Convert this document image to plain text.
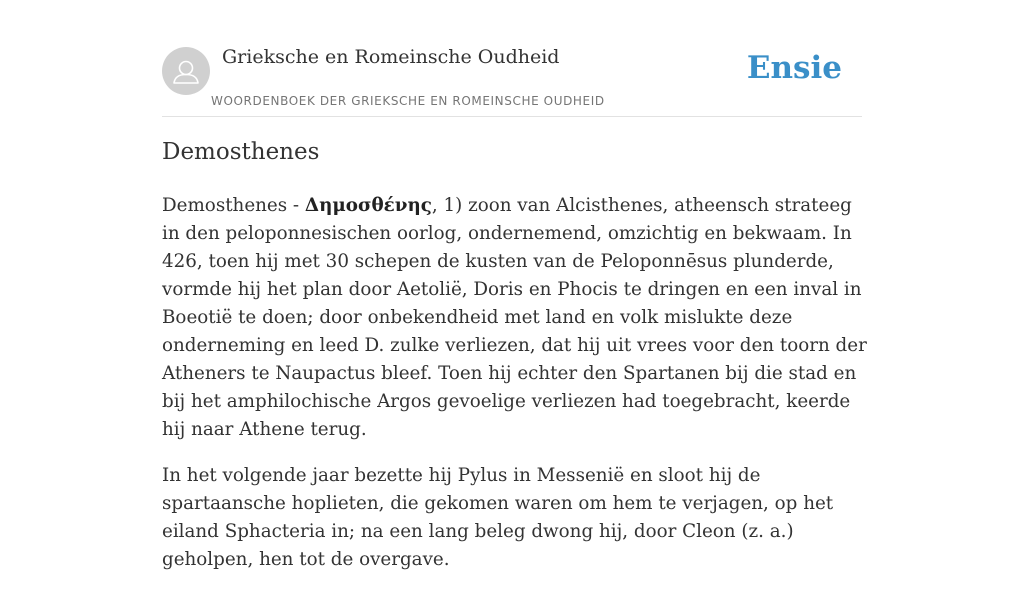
Grieksche en Romeinsche Oudheid
WOORDENBOEK DER GRIEKSCHE EN ROMEINSCHE OUDHEID
Ensie
Demosthenes

Demosthenes - Δημοσθένης, 1) zoon van Alcisthenes, atheensch strateeg in den peloponnesischen oorlog, ondernemend, omzichtig en bekwaam. In 426, toen hij met 30 schepen de kusten van de Peloponnēsus plunderde, vormde hij het plan door Aetolië, Doris en Phocis te dringen en een inval in Boeotië te doen; door onbekendheid met land en volk mislukte deze onderneming en leed D. zulke verliezen, dat hij uit vrees voor den toorn der Atheners te Naupactus bleef. Toen hij echter den Spartanen bij die stad en bij het amphilochische Argos gevoelige verliezen had toegebracht, keerde hij naar Athene terug.

In het volgende jaar bezette hij Pylus in Messenië en sloot hij de spartaansche hoplieten, die gekomen waren om hem te verjagen, op het eiland Sphacteria in; na een lang beleg dwong hij, door Cleon (z. a.) geholpen, hen tot de overgave.
